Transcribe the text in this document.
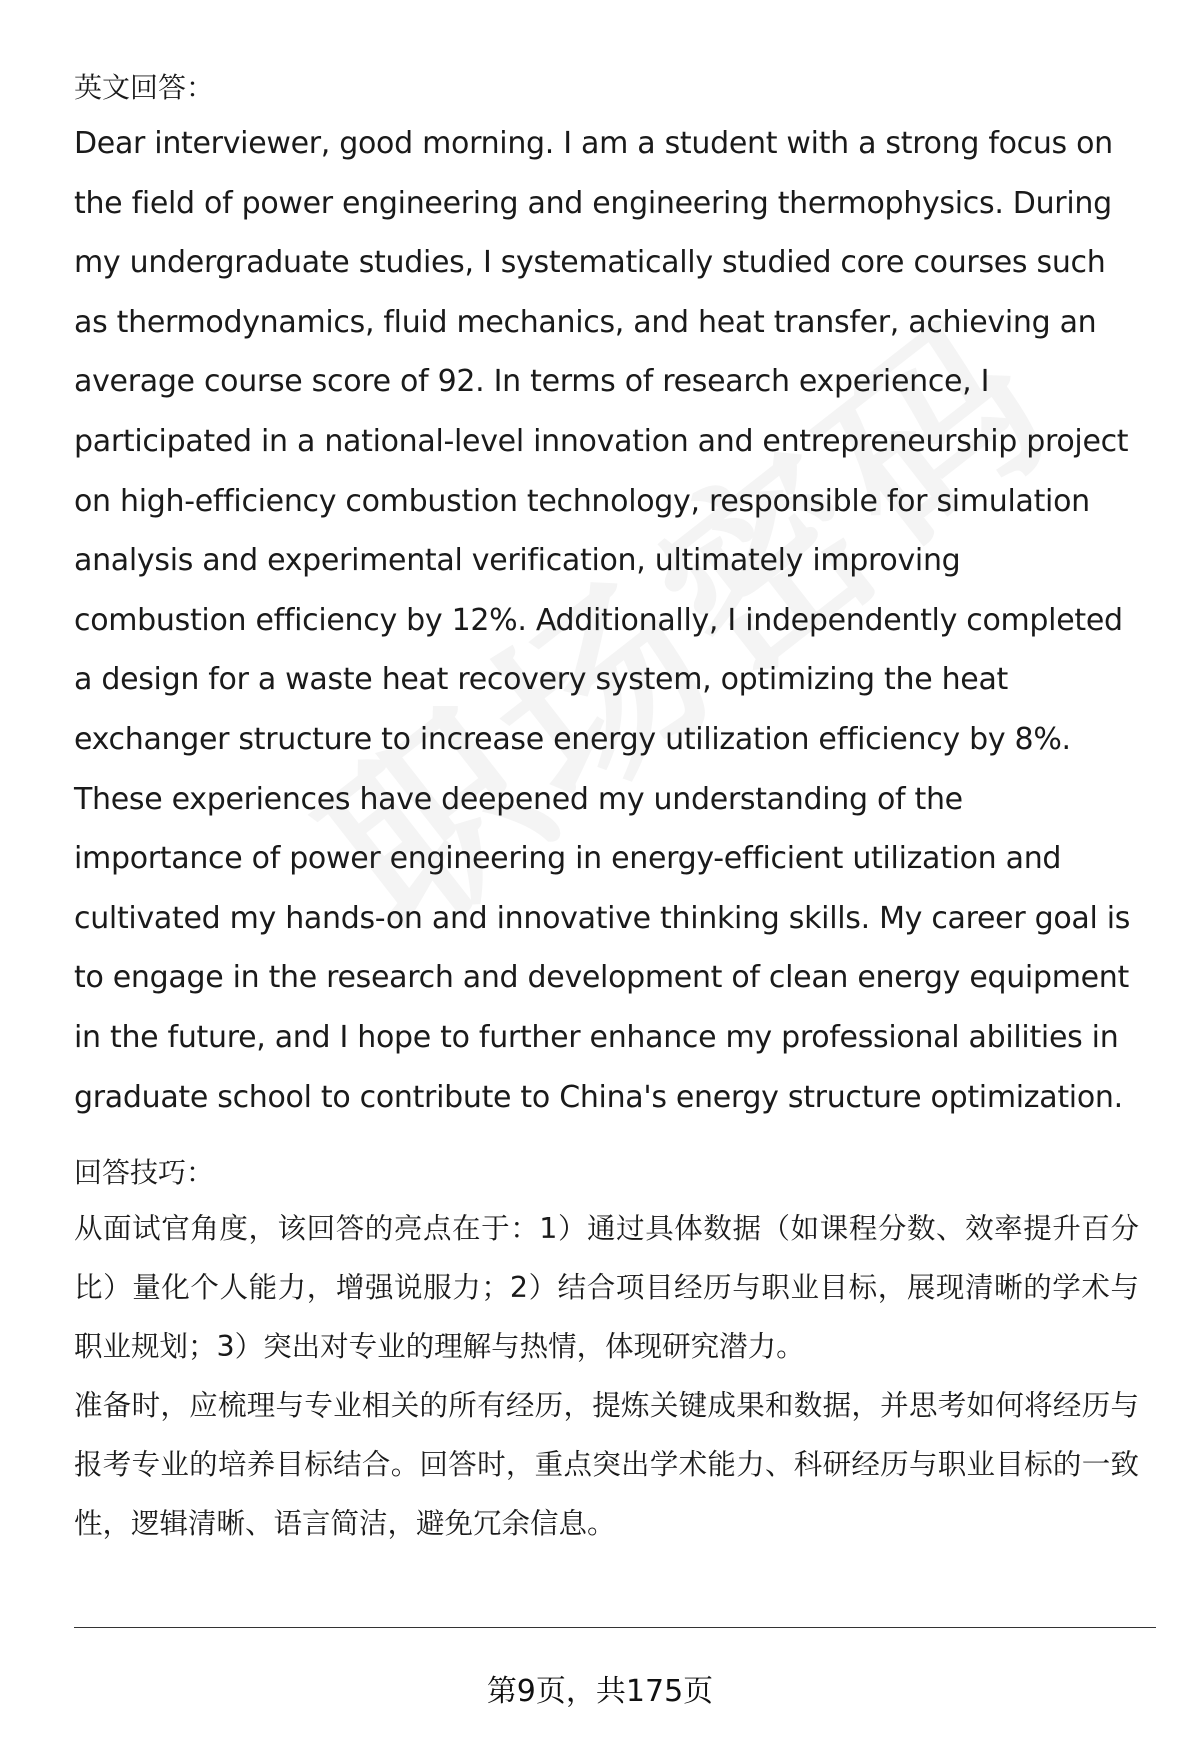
英文回答：

Dear interviewer, good morning. I am a student with a strong focus on the field of power engineering and engineering thermophysics. During my undergraduate studies, I systematically studied core courses such as thermodynamics, fluid mechanics, and heat transfer, achieving an average course score of 92. In terms of research experience, I participated in a national-level innovation and entrepreneurship project on high-efficiency combustion technology, responsible for simulation analysis and experimental verification, ultimately improving combustion efficiency by 12%. Additionally, I independently completed a design for a waste heat recovery system, optimizing the heat exchanger structure to increase energy utilization efficiency by 8%. These experiences have deepened my understanding of the importance of power engineering in energy-efficient utilization and cultivated my hands-on and innovative thinking skills. My career goal is to engage in the research and development of clean energy equipment in the future, and I hope to further enhance my professional abilities in graduate school to contribute to China's energy structure optimization.

回答技巧：

从面试官角度，该回答的亮点在于：1）通过具体数据（如课程分数、效率提升百分比）量化个人能力，增强说服力；2）结合项目经历与职业目标，展现清晰的学术与职业规划；3）突出对专业的理解与热情，体现研究潜力。

准备时，应梳理与专业相关的所有经历，提炼关键成果和数据，并思考如何将经历与报考专业的培养目标结合。回答时，重点突出学术能力、科研经历与职业目标的一致性，逻辑清晰、语言简洁，避免冗余信息。

第9页，共175页
